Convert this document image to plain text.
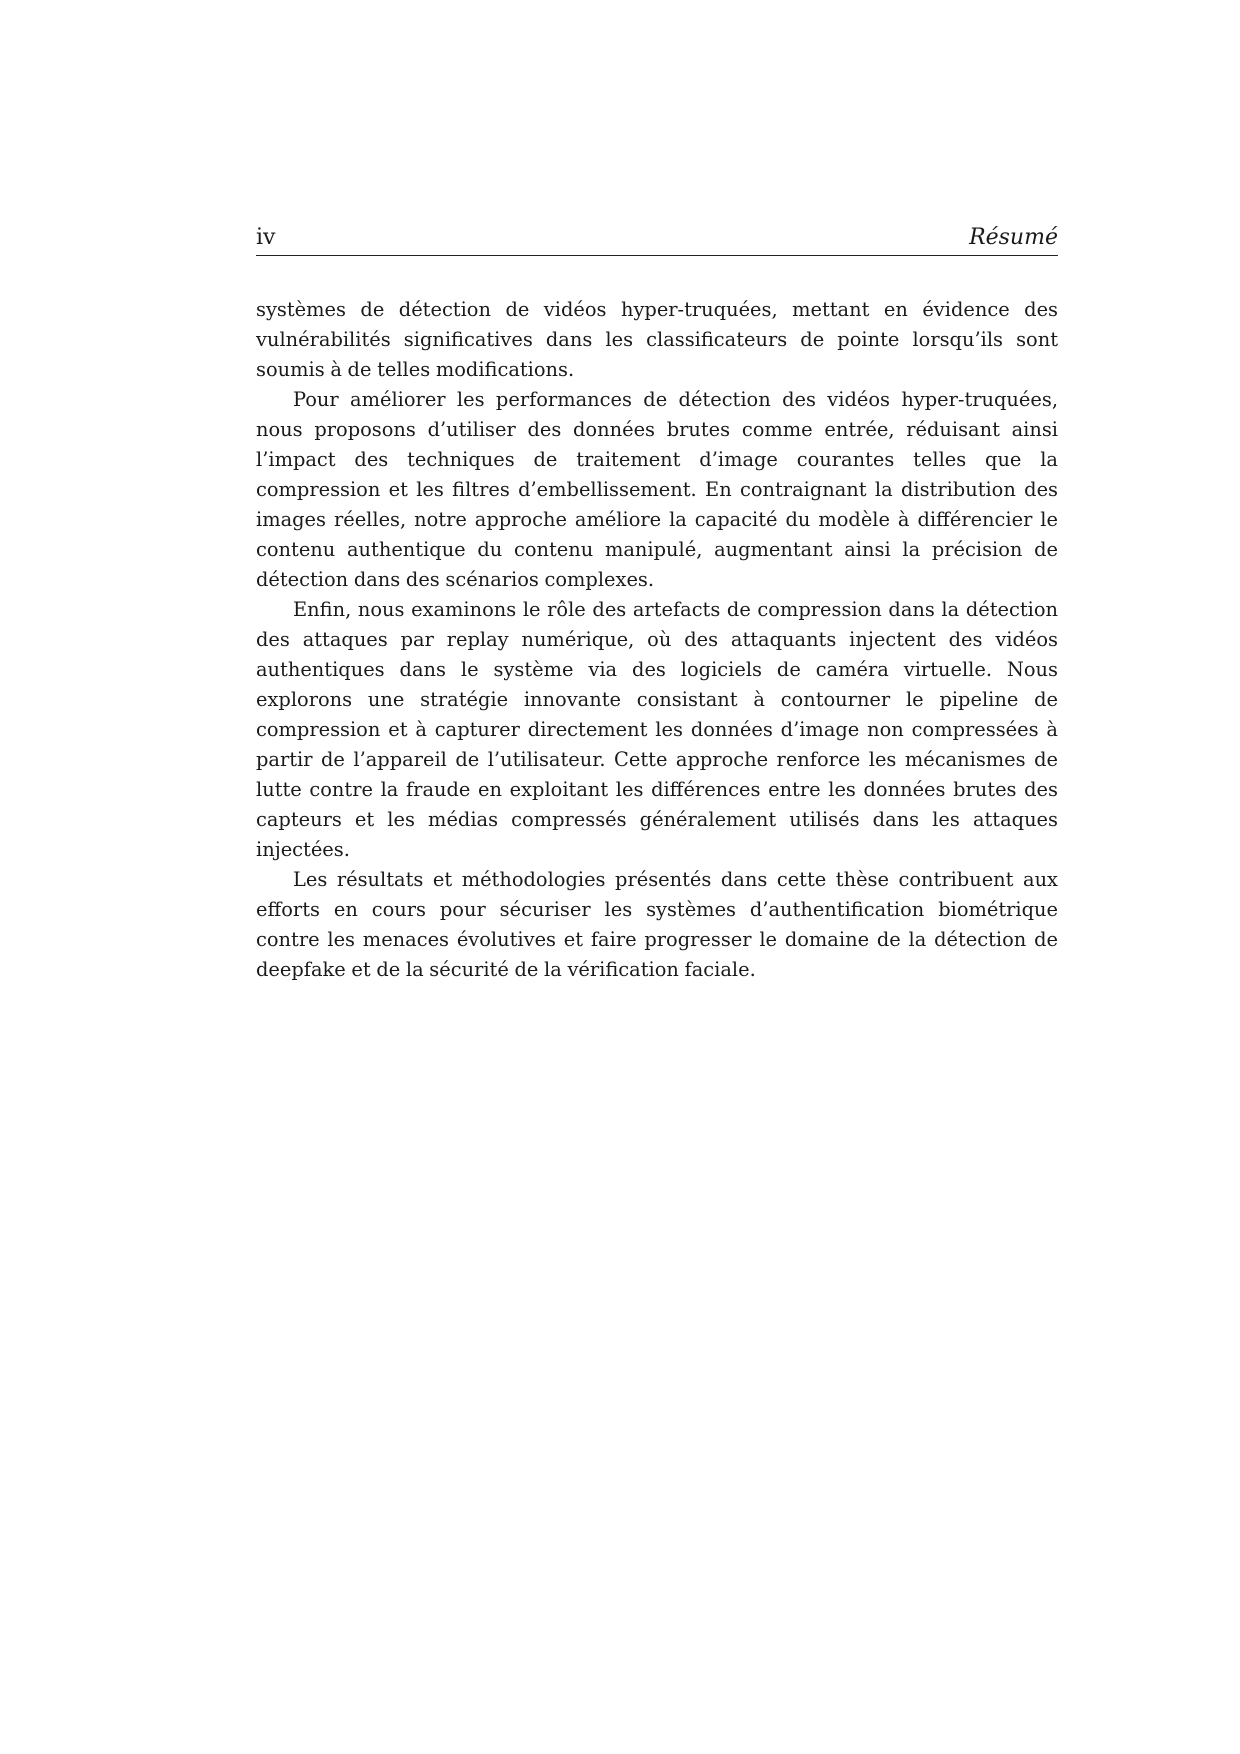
iv	Résumé

systèmes de détection de vidéos hyper-truquées, mettant en évidence des vulnérabilités significatives dans les classificateurs de pointe lorsqu’ils sont soumis à de telles modifications.

Pour améliorer les performances de détection des vidéos hyper-truquées, nous proposons d’utiliser des données brutes comme entrée, réduisant ainsi l’impact des techniques de traitement d’image courantes telles que la compression et les filtres d’embellissement. En contraignant la distribution des images réelles, notre approche améliore la capacité du modèle à différencier le contenu authentique du contenu manipulé, augmentant ainsi la précision de détection dans des scénarios complexes.

Enfin, nous examinons le rôle des artefacts de compression dans la détection des attaques par replay numérique, où des attaquants injectent des vidéos authentiques dans le système via des logiciels de caméra virtuelle. Nous explorons une stratégie innovante consistant à contourner le pipeline de compression et à capturer directement les données d’image non compressées à partir de l’appareil de l’utilisateur. Cette approche renforce les mécanismes de lutte contre la fraude en exploitant les différences entre les données brutes des capteurs et les médias compressés généralement utilisés dans les attaques injectées.

Les résultats et méthodologies présentés dans cette thèse contribuent aux efforts en cours pour sécuriser les systèmes d’authentification biométrique contre les menaces évolutives et faire progresser le domaine de la détection de deepfake et de la sécurité de la vérification faciale.
